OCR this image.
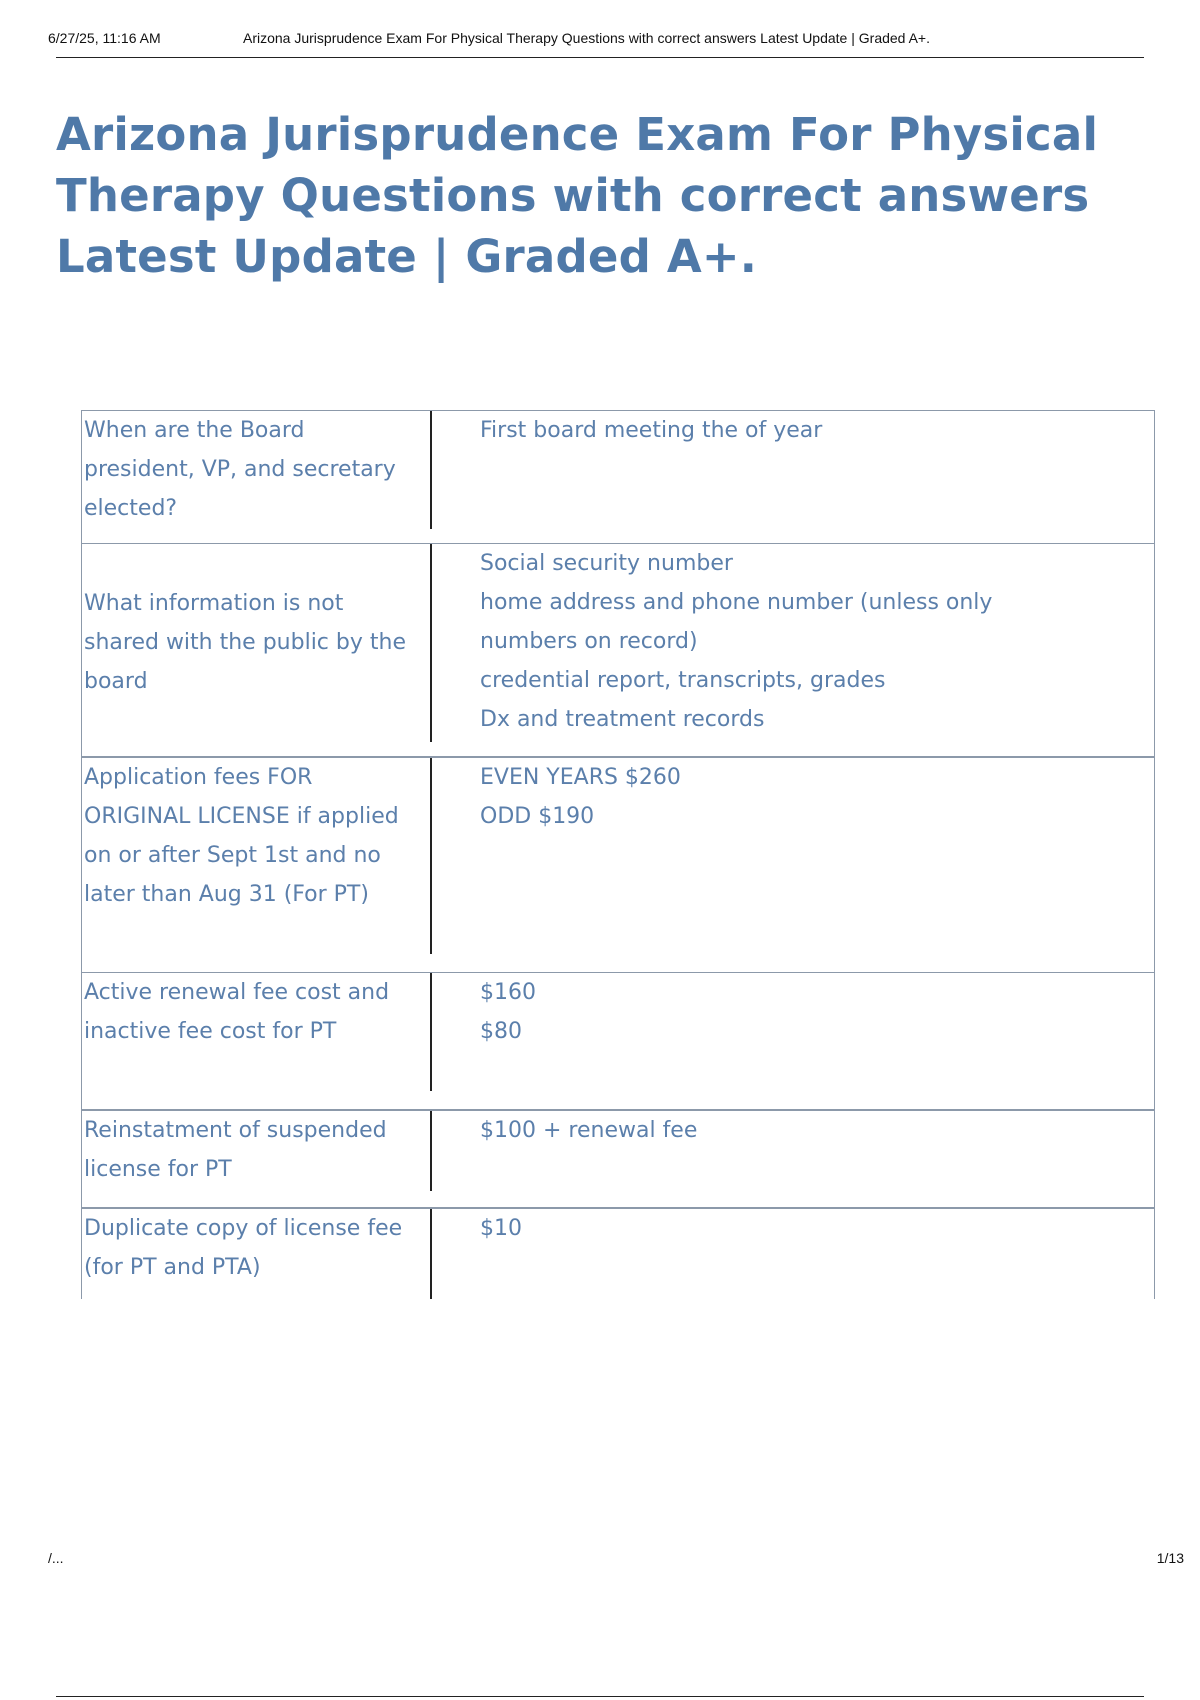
6/27/25, 11:16 AM	Arizona Jurisprudence Exam For Physical Therapy Questions with correct answers Latest Update | Graded A+.
Arizona Jurisprudence Exam For Physical Therapy Questions with correct answers Latest Update | Graded A+.
When are the Board president, VP, and secretary elected?	First board meeting the of year

What information is not shared with the public by the board	Social security number
home address and phone number (unless only numbers on record)
credential report, transcripts, grades
Dx and treatment records

Application fees FOR ORIGINAL LICENSE if applied on or after Sept 1st and no later than Aug 31 (For PT)	EVEN YEARS $260
ODD $190

Active renewal fee cost and inactive fee cost for PT	$160
$80

Reinstatment of suspended license for PT	$100 + renewal fee

Duplicate copy of license fee (for PT and PTA)	$10
/...	1/13
